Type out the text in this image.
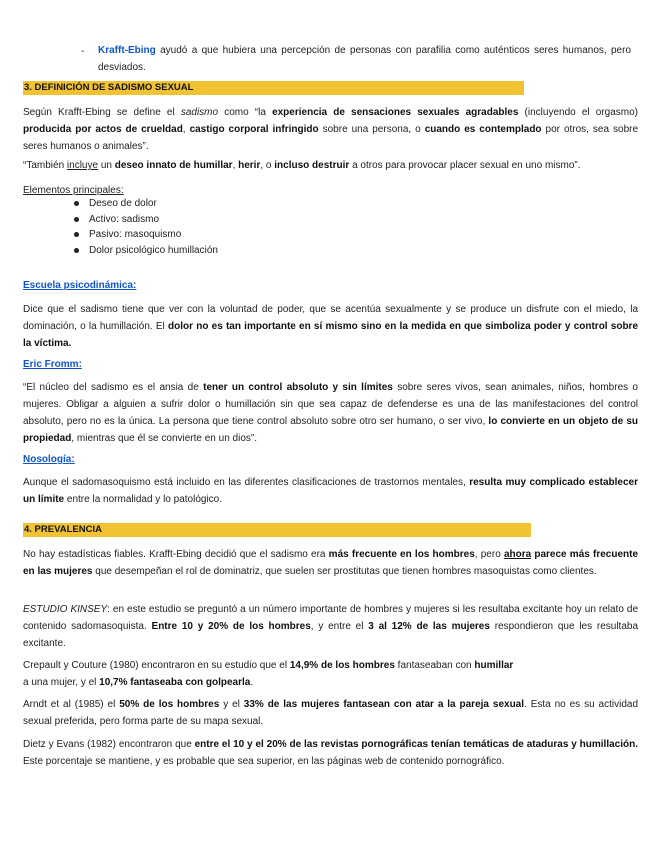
- Krafft-Ebing ayudó a que hubiera una percepción de personas con parafilia como auténticos seres humanos, pero desviados.
3. DEFINICIÓN DE SADISMO SEXUAL
Según Krafft-Ebing se define el sadismo como “la experiencia de sensaciones sexuales agradables (incluyendo el orgasmo) producida por actos de crueldad, castigo corporal infringido sobre una persona, o cuando es contemplado por otros, sea sobre seres humanos o animales”.
“También incluye un deseo innato de humillar, herir, o incluso destruir a otros para provocar placer sexual en uno mismo”.
Elementos principales:
Deseo de dolor
Activo: sadismo
Pasivo: masoquismo
Dolor psicológico humillación
Escuela psicodinámica:
Dice que el sadismo tiene que ver con la voluntad de poder, que se acentúa sexualmente y se produce un disfrute con el miedo, la dominación, o la humillación. El dolor no es tan importante en sí mismo sino en la medida en que simboliza poder y control sobre la víctima.
Eric Fromm:
“El núcleo del sadismo es el ansia de tener un control absoluto y sin límites sobre seres vivos, sean animales, niños, hombres o mujeres. Obligar a alguien a sufrir dolor o humillación sin que sea capaz de defenderse es una de las manifestaciones del control absoluto, pero no es la única. La persona que tiene control absoluto sobre otro ser humano, o ser vivo, lo convierte en un objeto de su propiedad, mientras que él se convierte en un dios”.
Nosología:
Aunque el sadomasoquismo está incluido en las diferentes clasificaciones de trastornos mentales, resulta muy complicado establecer un límite entre la normalidad y lo patológico.
4. PREVALENCIA
No hay estadísticas fiables. Krafft-Ebing decidió que el sadismo era más frecuente en los hombres, pero ahora parece más frecuente en las mujeres que desempeñan el rol de dominatriz, que suelen ser prostitutas que tienen hombres masoquistas como clientes.
ESTUDIO KINSEY: en este estudio se preguntó a un número importante de hombres y mujeres si les resultaba excitante hoy un relato de contenido sadomasoquista. Entre 10 y 20% de los hombres, y entre el 3 al 12% de las mujeres respondieron que les resultaba excitante.
Crepault y Couture (1980) encontraron en su estudio que el 14,9% de los hombres fantaseaban con humillar
a una mujer, y el 10,7% fantaseaba con golpearla.
Arndt et al (1985) el 50% de los hombres y el 33% de las mujeres fantasean con atar a la pareja sexual. Esta no es su actividad sexual preferida, pero forma parte de su mapa sexual.
Dietz y Evans (1982) encontraron que entre el 10 y el 20% de las revistas pornográficas tenían temáticas de ataduras y humillación. Este porcentaje se mantiene, y es probable que sea superior, en las páginas web de contenido pornográfico.
